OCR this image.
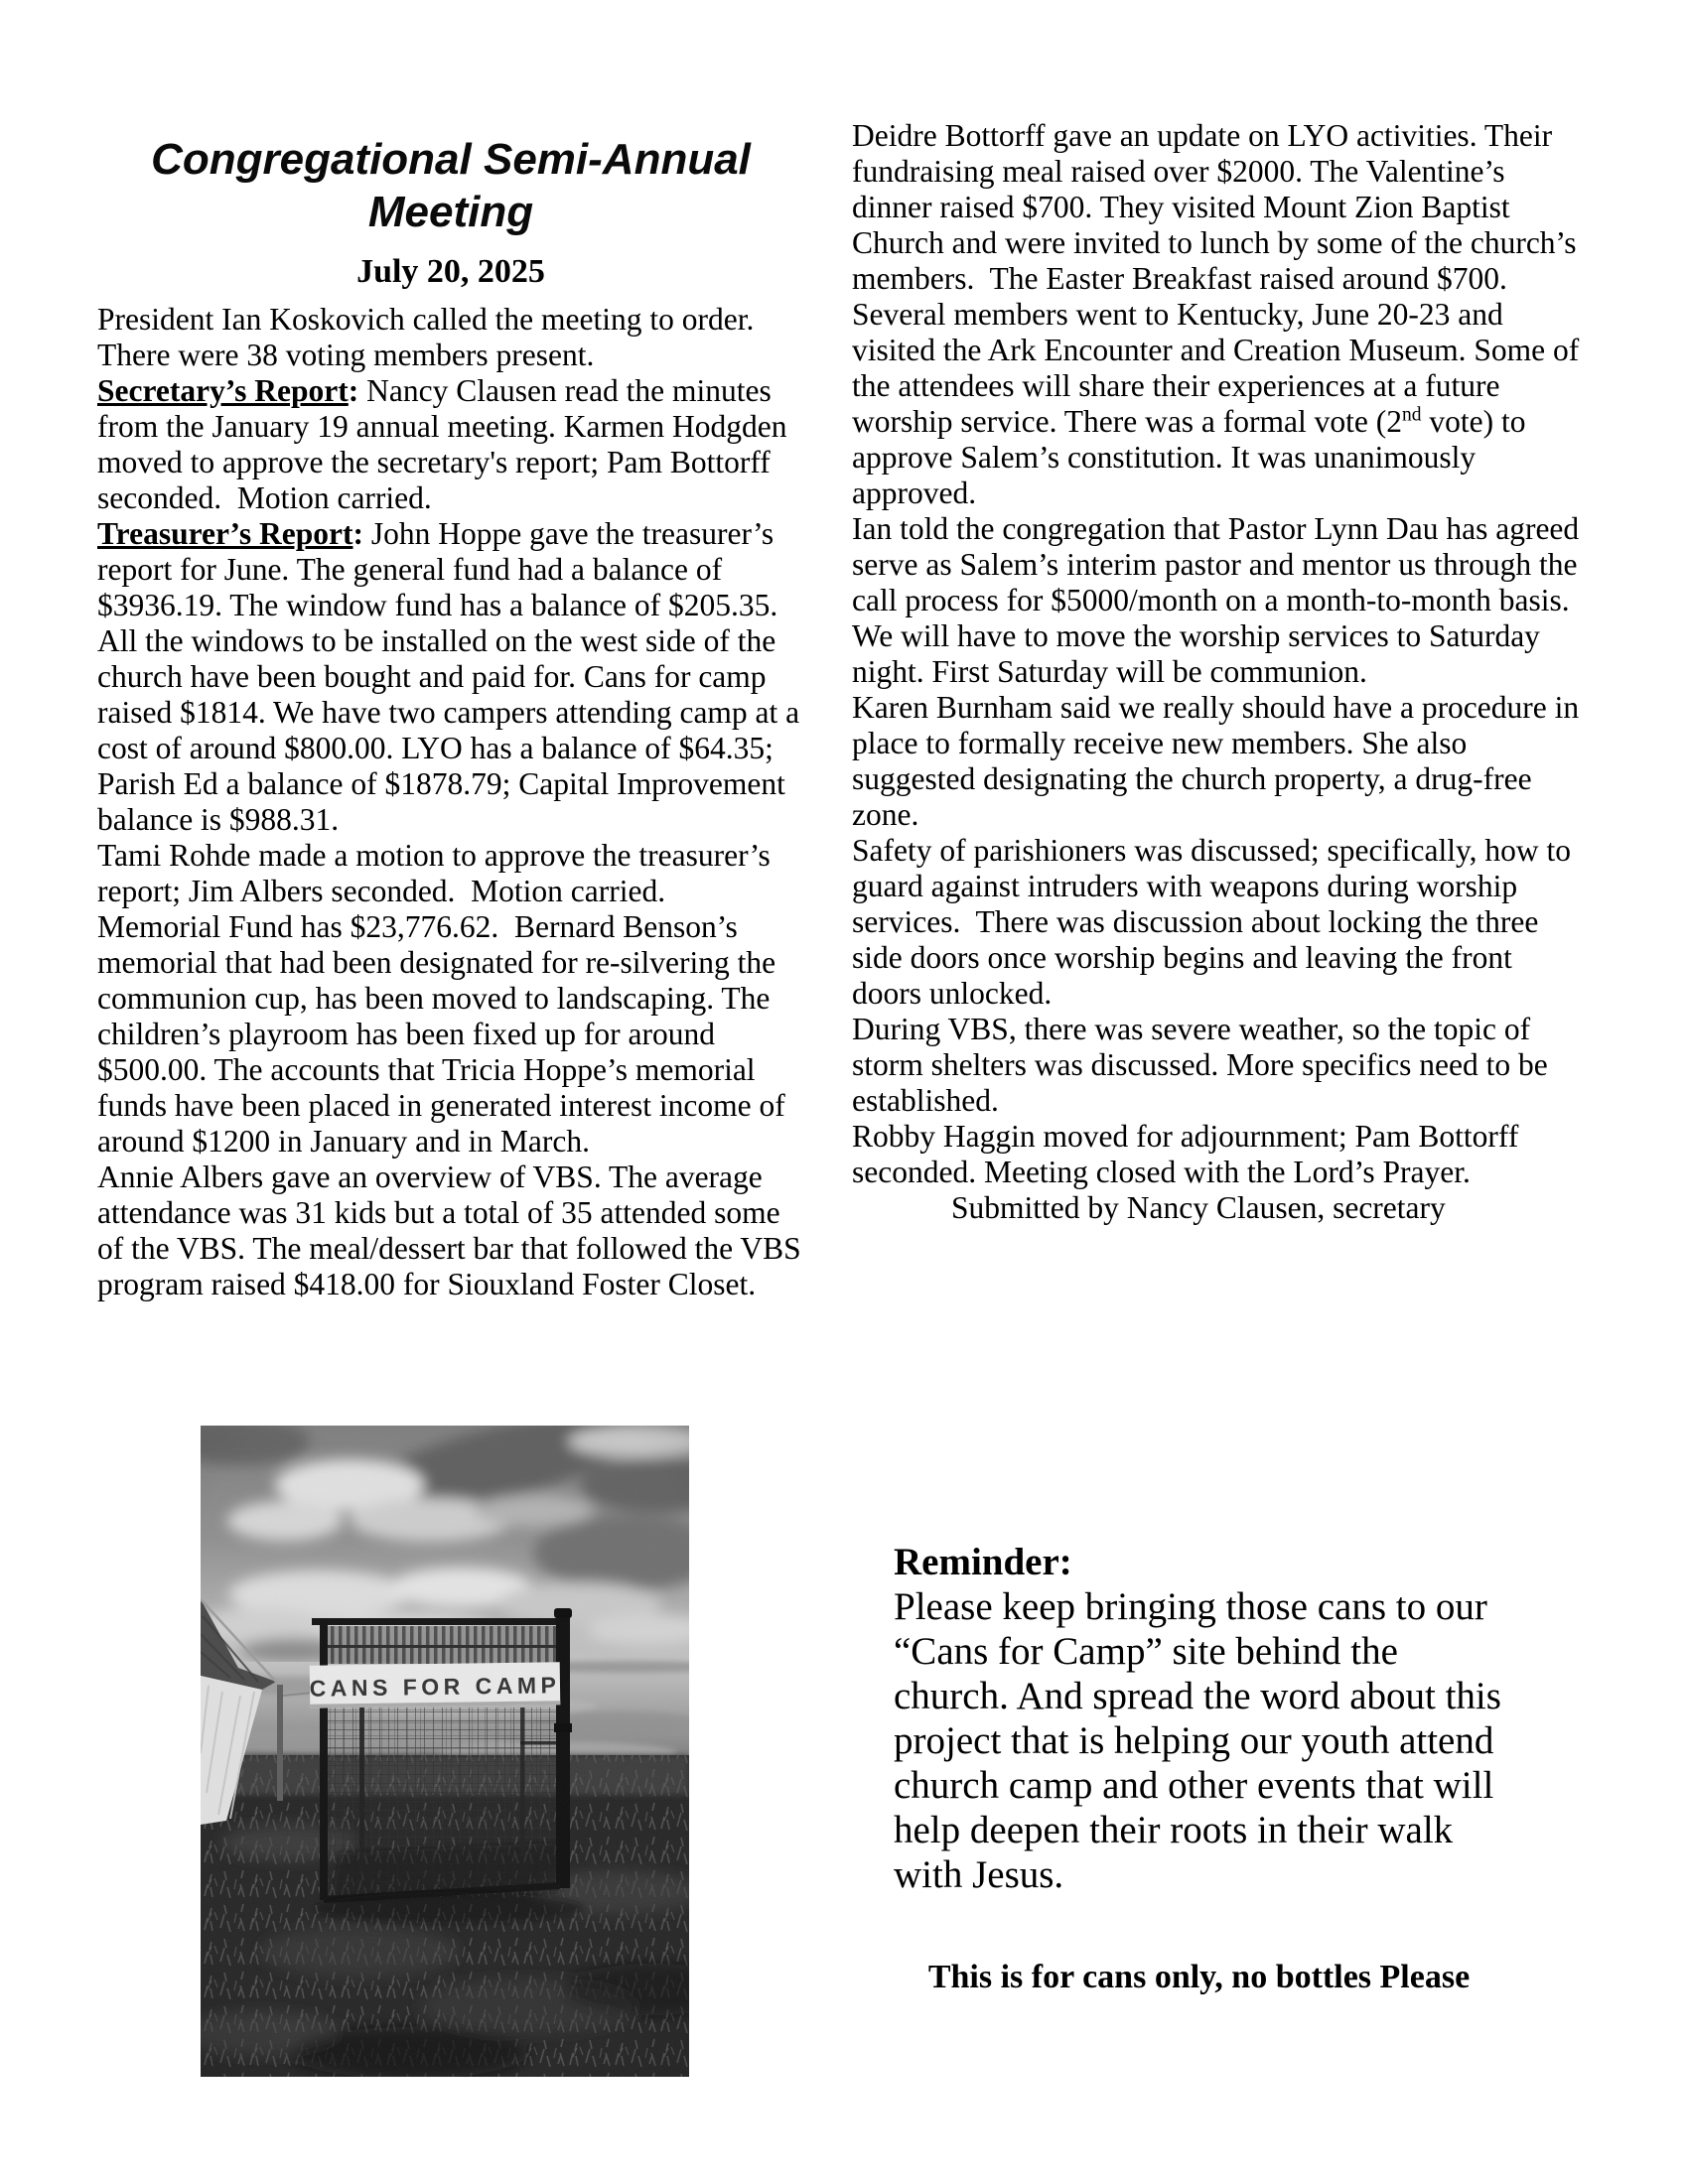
Congregational Semi-Annual
Meeting

July 20, 2025

President Ian Koskovich called the meeting to order. There were 38 voting members present.

Secretary’s Report: Nancy Clausen read the minutes from the January 19 annual meeting. Karmen Hodgden moved to approve the secretary's report; Pam Bottorff seconded.  Motion carried.

Treasurer’s Report: John Hoppe gave the treasurer’s report for June. The general fund had a balance of $3936.19. The window fund has a balance of $205.35. All the windows to be installed on the west side of the church have been bought and paid for. Cans for camp raised $1814. We have two campers attending camp at a cost of around $800.00. LYO has a balance of $64.35; Parish Ed a balance of $1878.79; Capital Improvement balance is $988.31.

Tami Rohde made a motion to approve the treasurer’s report; Jim Albers seconded.  Motion carried.

Memorial Fund has $23,776.62.  Bernard Benson’s memorial that had been designated for re-silvering the communion cup, has been moved to landscaping. The children’s playroom has been fixed up for around $500.00. The accounts that Tricia Hoppe’s memorial funds have been placed in generated interest income of around $1200 in January and in March.

Annie Albers gave an overview of VBS. The average attendance was 31 kids but a total of 35 attended some of the VBS. The meal/dessert bar that followed the VBS program raised $418.00 for Siouxland Foster Closet.

Deidre Bottorff gave an update on LYO activities. Their fundraising meal raised over $2000. The Valentine’s dinner raised $700. They visited Mount Zion Baptist Church and were invited to lunch by some of the church’s members.  The Easter Breakfast raised around $700. Several members went to Kentucky, June 20-23 and visited the Ark Encounter and Creation Museum. Some of the attendees will share their experiences at a future worship service. There was a formal vote (2nd vote) to approve Salem’s constitution. It was unanimously approved.

Ian told the congregation that Pastor Lynn Dau has agreed serve as Salem’s interim pastor and mentor us through the call process for $5000/month on a month-to-month basis. We will have to move the worship services to Saturday night. First Saturday will be communion.

Karen Burnham said we really should have a procedure in place to formally receive new members. She also suggested designating the church property, a drug-free zone.

Safety of parishioners was discussed; specifically, how to guard against intruders with weapons during worship services.  There was discussion about locking the three side doors once worship begins and leaving the front doors unlocked.

During VBS, there was severe weather, so the topic of storm shelters was discussed. More specifics need to be established.

Robby Haggin moved for adjournment; Pam Bottorff seconded. Meeting closed with the Lord’s Prayer.

Submitted by Nancy Clausen, secretary

Reminder:

Please keep bringing those cans to our “Cans for Camp” site behind the church. And spread the word about this project that is helping our youth attend church camp and other events that will help deepen their roots in their walk with Jesus.

This is for cans only, no bottles Please
